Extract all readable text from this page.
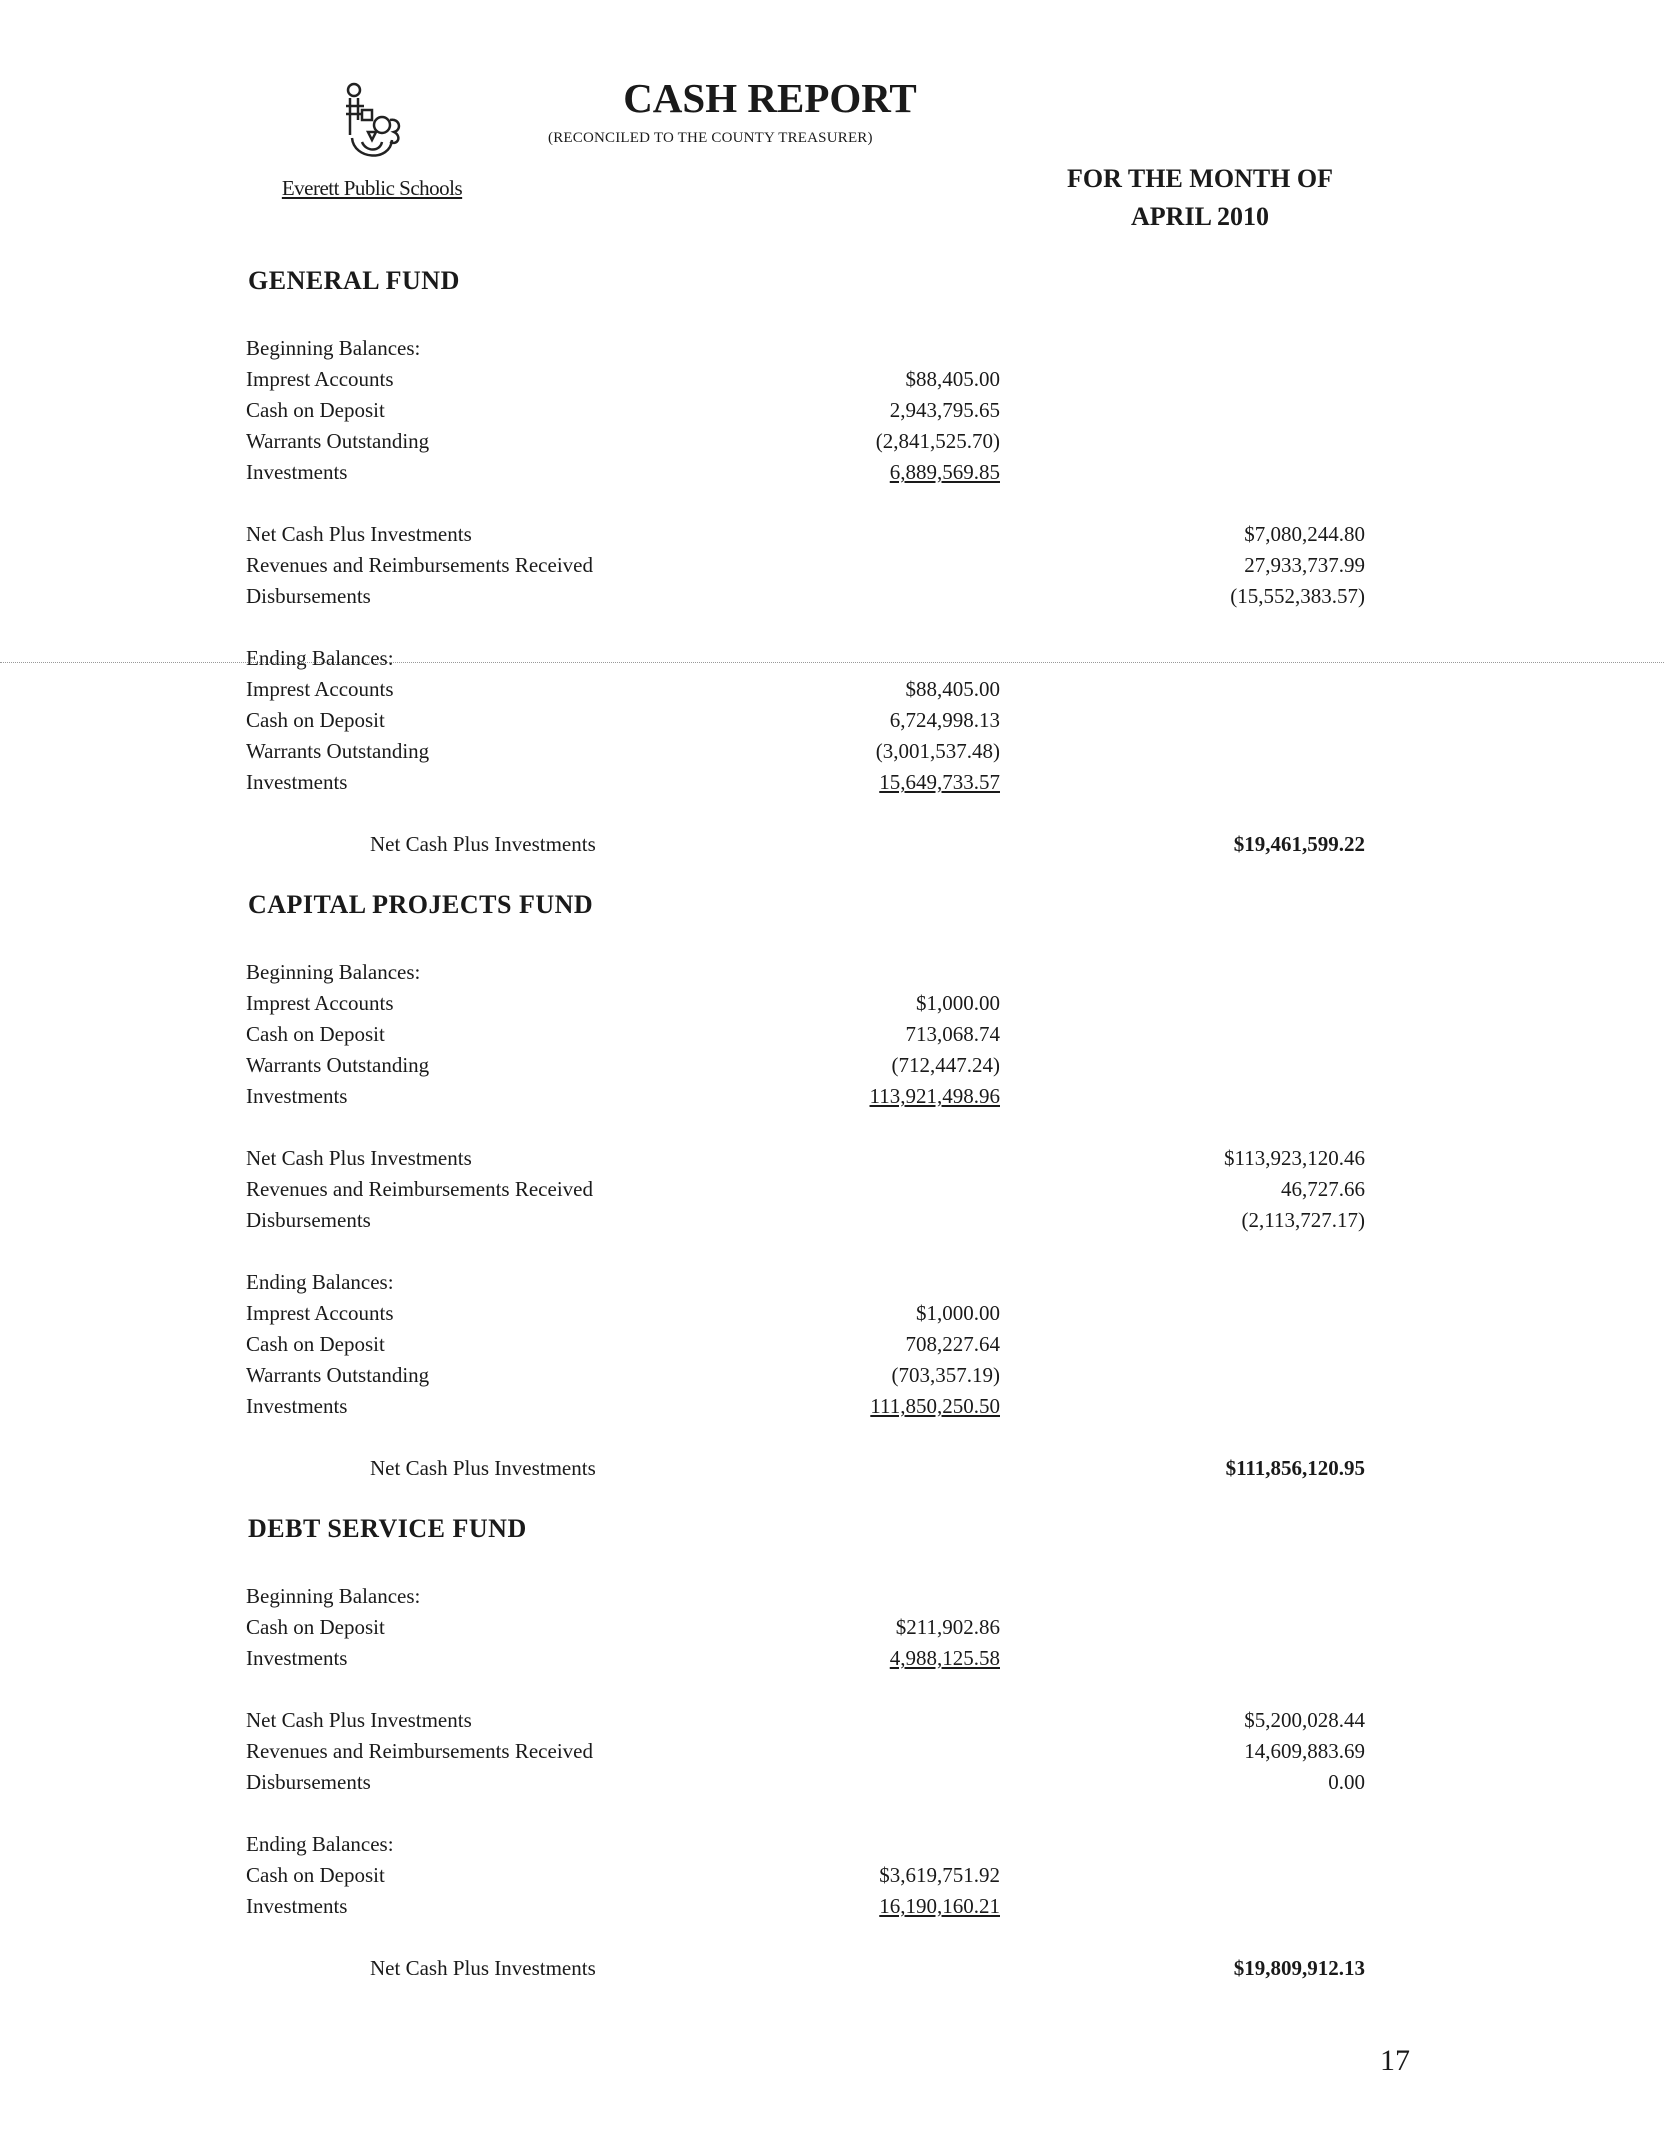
Everett Public Schools
CASH REPORT
(RECONCILED TO THE COUNTY TREASURER)
FOR THE MONTH OF
APRIL 2010
GENERAL FUND
Beginning Balances:
Imprest Accounts	$88,405.00
Cash on Deposit	2,943,795.65
Warrants Outstanding	(2,841,525.70)
Investments	6,889,569.85
Net Cash Plus Investments	$7,080,244.80
Revenues and Reimbursements Received	27,933,737.99
Disbursements	(15,552,383.57)
Ending Balances:
Imprest Accounts	$88,405.00
Cash on Deposit	6,724,998.13
Warrants Outstanding	(3,001,537.48)
Investments	15,649,733.57
Net Cash Plus Investments	$19,461,599.22
CAPITAL PROJECTS FUND
Beginning Balances:
Imprest Accounts	$1,000.00
Cash on Deposit	713,068.74
Warrants Outstanding	(712,447.24)
Investments	113,921,498.96
Net Cash Plus Investments	$113,923,120.46
Revenues and Reimbursements Received	46,727.66
Disbursements	(2,113,727.17)
Ending Balances:
Imprest Accounts	$1,000.00
Cash on Deposit	708,227.64
Warrants Outstanding	(703,357.19)
Investments	111,850,250.50
Net Cash Plus Investments	$111,856,120.95
DEBT SERVICE FUND
Beginning Balances:
Cash on Deposit	$211,902.86
Investments	4,988,125.58
Net Cash Plus Investments	$5,200,028.44
Revenues and Reimbursements Received	14,609,883.69
Disbursements	0.00
Ending Balances:
Cash on Deposit	$3,619,751.92
Investments	16,190,160.21
Net Cash Plus Investments	$19,809,912.13
17
